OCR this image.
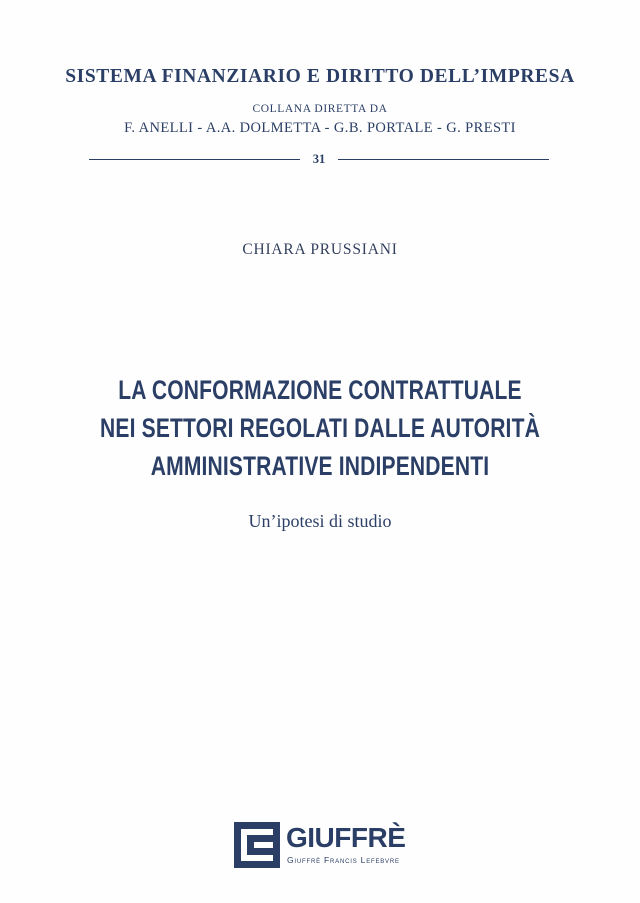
SISTEMA FINANZIARIO E DIRITTO DELL’IMPRESA
COLLANA DIRETTA DA
F. ANELLI - A.A. DOLMETTA - G.B. PORTALE - G. PRESTI
31
CHIARA PRUSSIANI
LA CONFORMAZIONE CONTRATTUALE
NEI SETTORI REGOLATI DALLE AUTORITÀ
AMMINISTRATIVE INDIPENDENTI
Un’ipotesi di studio
GIUFFRÈ
Giuffrè Francis Lefebvre
